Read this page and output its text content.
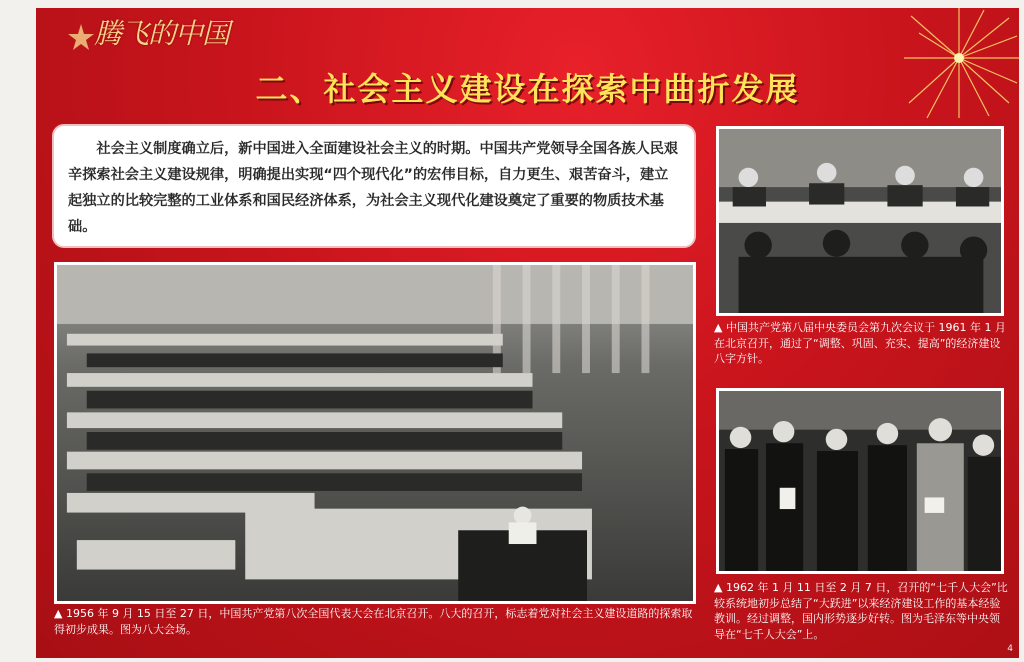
腾飞的中国
二、社会主义建设在探索中曲折发展

社会主义制度确立后，新中国进入全面建设社会主义的时期。中国共产党领导全国各族人民艰辛探索社会主义建设规律，明确提出实现“四个现代化”的宏伟目标，自力更生、艰苦奋斗，建立起独立的比较完整的工业体系和国民经济体系，为社会主义现代化建设奠定了重要的物质技术基础。

▲ 中国共产党第八届中央委员会第九次会议于 1961 年 1 月在北京召开，通过了“调整、巩固、充实、提高”的经济建设八字方针。
▲ 1962 年 1 月 11 日至 2 月 7 日，召开的“七千人大会”比较系统地初步总结了“大跃进”以来经济建设工作的基本经验教训。经过调整，国内形势逐步好转。图为毛泽东等中央领导在“七千人大会”上。
▲ 1956 年 9 月 15 日至 27 日，中国共产党第八次全国代表大会在北京召开。八大的召开，标志着党对社会主义建设道路的探索取得初步成果。图为八大会场。
4
